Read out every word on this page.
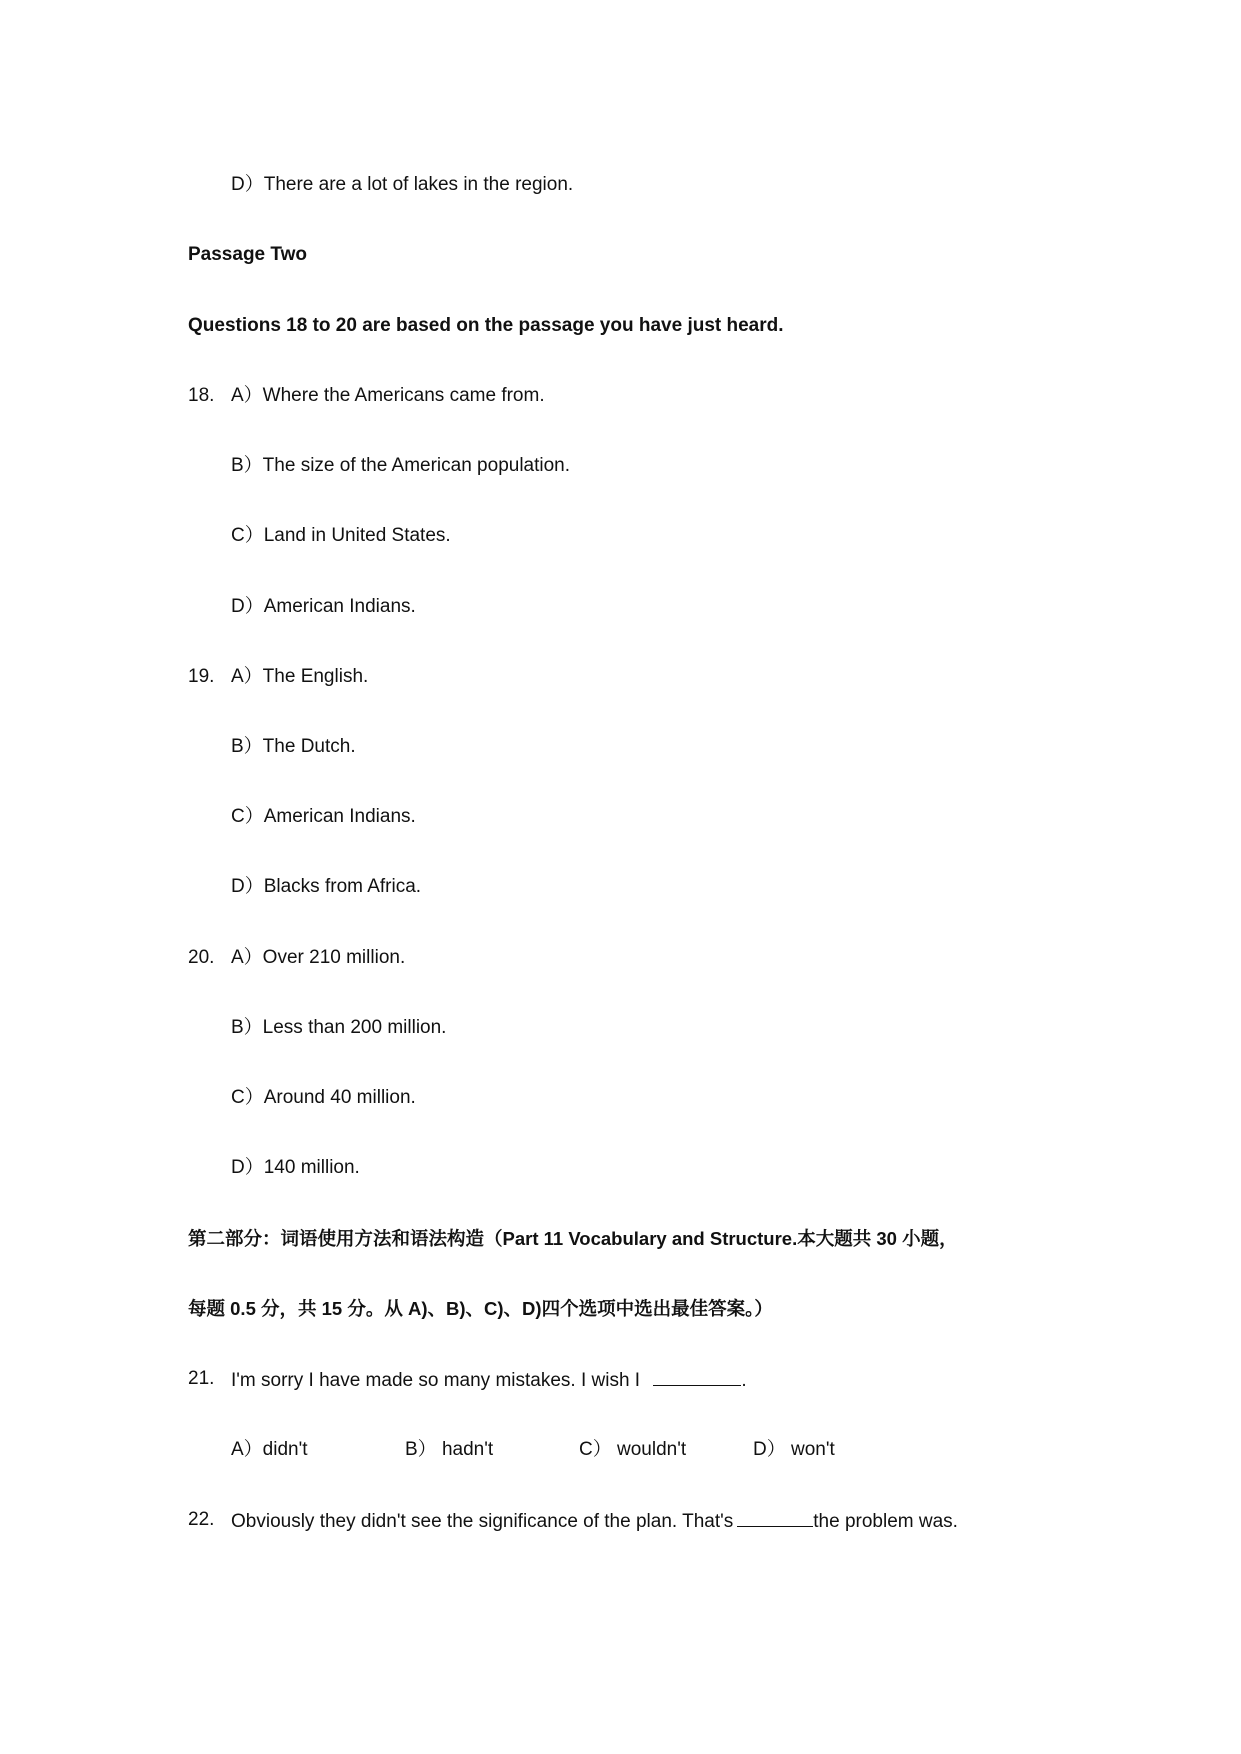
D）There are a lot of lakes in the region.
Passage Two
Questions 18 to 20 are based on the passage you have just heard.
18. A）Where the Americans came from.
B）The size of the American population.
C）Land in United States.
D）American Indians.
19. A）The English.
B）The Dutch.
C）American Indians.
D）Blacks from Africa.
20. A）Over 210 million.
B）Less than 200 million.
C）Around 40 million.
D）140 million.
第二部分：词语使用方法和语法构造（Part 11 Vocabulary and Structure.本大题共 30 小题，
每题 0.5 分，共 15 分。从 A)、B)、C)、D)四个选项中选出最佳答案。）
21. I'm sorry I have made so many mistakes. I wish I	.
A）didn't	B） hadn't	C） wouldn't	D） won't
22. Obviously they didn't see the significance of the plan. That's	the problem was.
